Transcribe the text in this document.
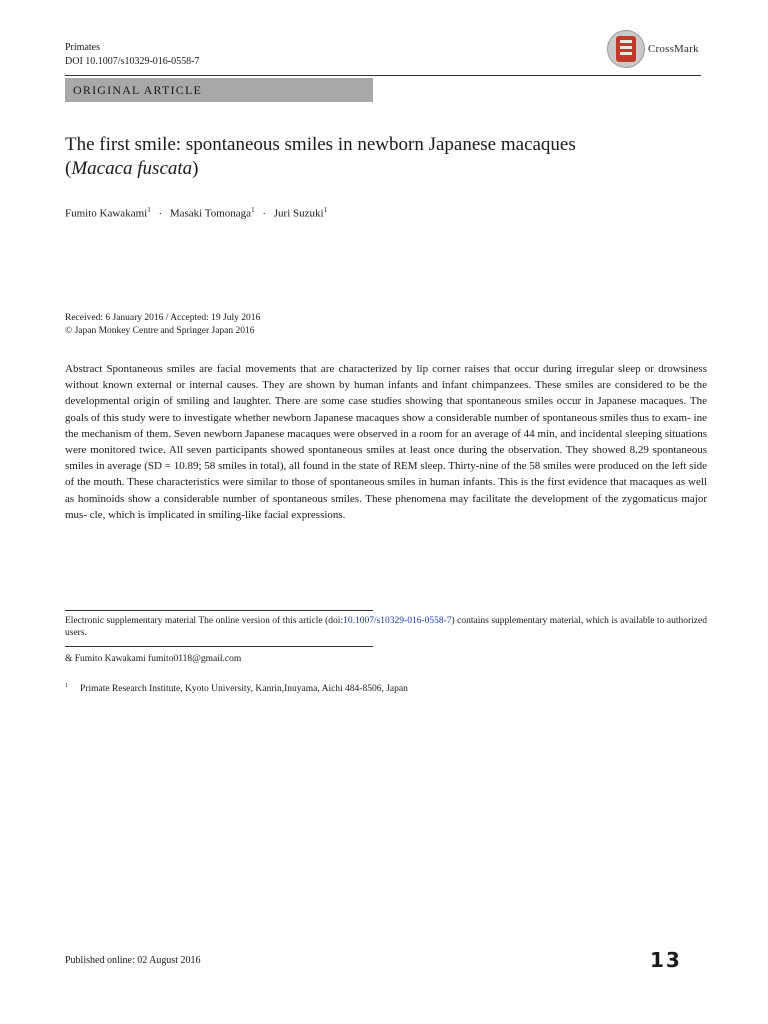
Primates
DOI 10.1007/s10329-016-0558-7
CrossMark
ORIGINAL ARTICLE
The first smile: spontaneous smiles in newborn Japanese macaques (Macaca fuscata)
Fumito Kawakami$^1$ · Masaki Tomonaga$^1$ · Juri Suzuki$^1$
Received: 6 January 2016 / Accepted: 19 July 2016
© Japan Monkey Centre and Springer Japan 2016
Abstract Spontaneous smiles are facial movements that are characterized by lip corner raises that occur during irregular sleep or drowsiness without known external or internal causes. They are shown by human infants and infant chimpanzees. These smiles are considered to be the developmental origin of smiling and laughter. There are some case studies showing that spontaneous smiles occur in Japanese macaques. The goals of this study were to investigate whether newborn Japanese macaques show a considerable number of spontaneous smiles thus to exam- ine the mechanism of them. Seven newborn Japanese macaques were observed in a room for an average of 44 min, and incidental sleeping situations were monitored twice. All seven participants showed spontaneous smiles at least once during the observation. They showed 8.29 spontaneous smiles in average (SD = 10.89; 58 smiles in total), all found in the state of REM sleep. Thirty-nine of the 58 smiles were produced on the left side of the mouth. These characteristics were similar to those of spontaneous smiles in human infants. This is the first evidence that macaques as well as hominoids show a considerable number of spontaneous smiles. These phenomena may facilitate the development of the zygomaticus major mus- cle, which is implicated in smiling-like facial expressions.
Electronic supplementary material The online version of this article (doi:10.1007/s10329-016-0558-7) contains supplementary material, which is available to authorized users.
& Fumito Kawakami fumito0118@gmail.com
$^1$ Primate Research Institute, Kyoto University, Kanrin,Inuyama, Aichi 484-8506, Japan
Published online: 02 August 2016	13
